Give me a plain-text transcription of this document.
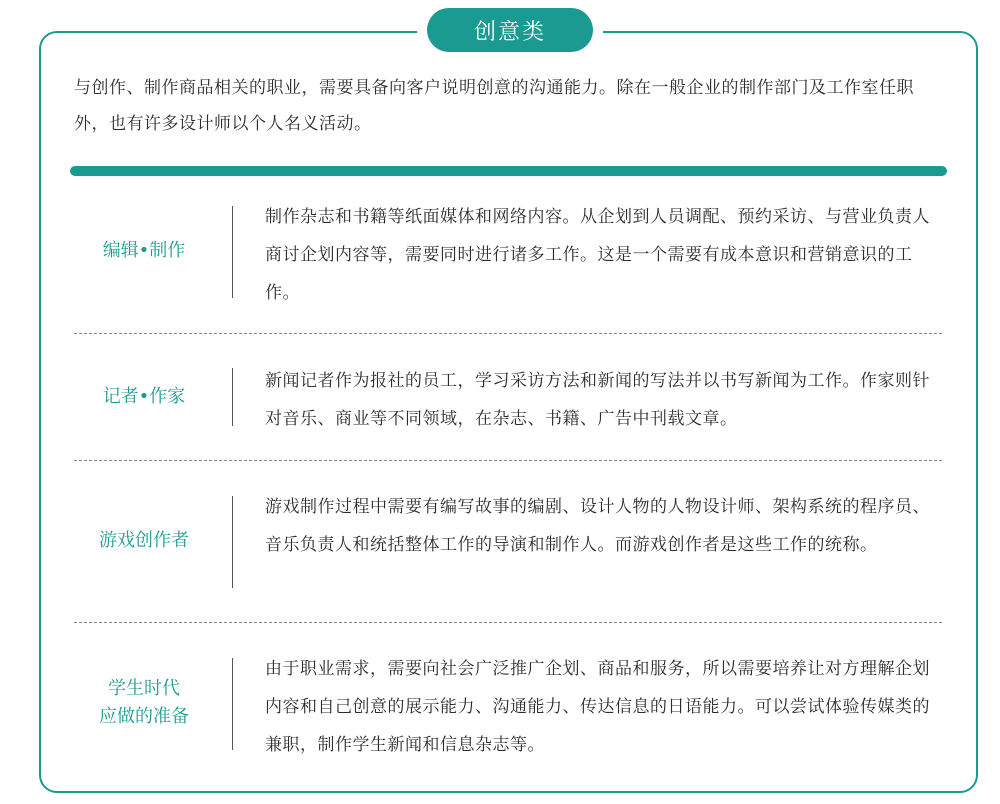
创意类

与创作、制作商品相关的职业，需要具备向客户说明创意的沟通能力。除在一般企业的制作部门及工作室任职外，也有许多设计师以个人名义活动。

编辑•制作

制作杂志和书籍等纸面媒体和网络内容。从企划到人员调配、预约采访、与营业负责人商讨企划内容等，需要同时进行诸多工作。这是一个需要有成本意识和营销意识的工作。

记者•作家

新闻记者作为报社的员工，学习采访方法和新闻的写法并以书写新闻为工作。作家则针对音乐、商业等不同领域，在杂志、书籍、广告中刊载文章。

游戏创作者

游戏制作过程中需要有编写故事的编剧、设计人物的人物设计师、架构系统的程序员、音乐负责人和统括整体工作的导演和制作人。而游戏创作者是这些工作的统称。

学生时代
应做的准备

由于职业需求，需要向社会广泛推广企划、商品和服务，所以需要培养让对方理解企划内容和自己创意的展示能力、沟通能力、传达信息的日语能力。可以尝试体验传媒类的兼职，制作学生新闻和信息杂志等。
